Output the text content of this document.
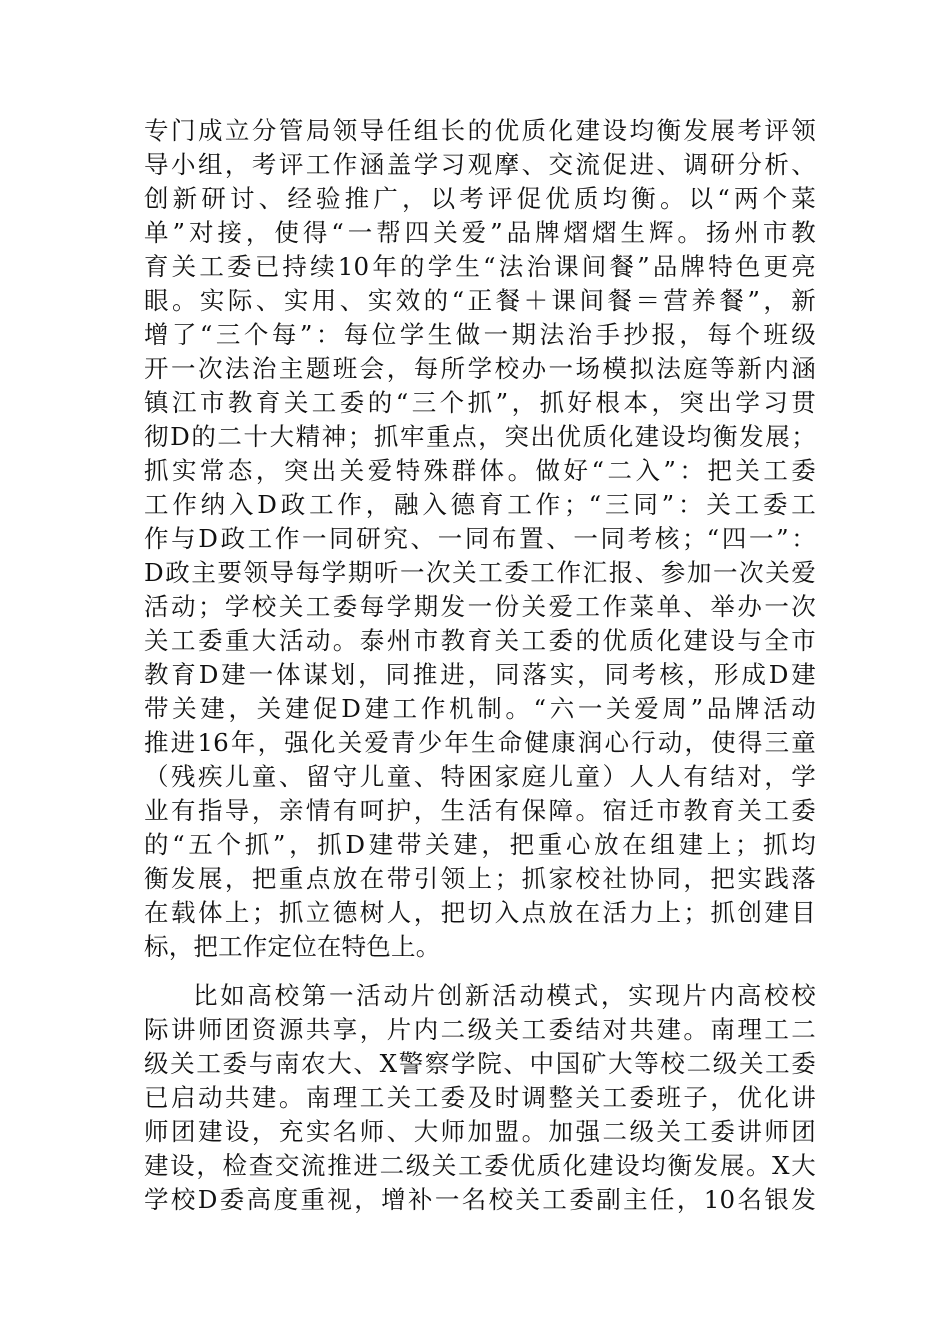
专门成立分管局领导任组长的优质化建设均衡发展考评领
导小组，考评工作涵盖学习观摩、交流促进、调研分析、
创新研讨、经验推广，以考评促优质均衡。以“两个菜
单”对接，使得“一帮四关爱”品牌熠熠生辉。扬州市教
育关工委已持续10年的学生“法治课间餐”品牌特色更亮
眼。实际、实用、实效的“正餐＋课间餐＝营养餐”，新
增了“三个每”：每位学生做一期法治手抄报，每个班级
开一次法治主题班会，每所学校办一场模拟法庭等新内涵
镇江市教育关工委的“三个抓”，抓好根本，突出学习贯
彻D的二十大精神；抓牢重点，突出优质化建设均衡发展；
抓实常态，突出关爱特殊群体。做好“二入”：把关工委
工作纳入D政工作，融入德育工作；“三同”：关工委工
作与D政工作一同研究、一同布置、一同考核；“四一”：
D政主要领导每学期听一次关工委工作汇报、参加一次关爱
活动；学校关工委每学期发一份关爱工作菜单、举办一次
关工委重大活动。泰州市教育关工委的优质化建设与全市
教育D建一体谋划，同推进，同落实，同考核，形成D建
带关建，关建促D建工作机制。“六一关爱周”品牌活动
推进16年，强化关爱青少年生命健康润心行动，使得三童
（残疾儿童、留守儿童、特困家庭儿童）人人有结对，学
业有指导，亲情有呵护，生活有保障。宿迁市教育关工委
的“五个抓”，抓D建带关建，把重心放在组建上；抓均
衡发展，把重点放在带引领上；抓家校社协同，把实践落
在载体上；抓立德树人，把切入点放在活力上；抓创建目
标，把工作定位在特色上。
比如高校第一活动片创新活动模式，实现片内高校校
际讲师团资源共享，片内二级关工委结对共建。南理工二
级关工委与南农大、X警察学院、中国矿大等校二级关工委
已启动共建。南理工关工委及时调整关工委班子，优化讲
师团建设，充实名师、大师加盟。加强二级关工委讲师团
建设，检查交流推进二级关工委优质化建设均衡发展。X大
学校D委高度重视，增补一名校关工委副主任，10名银发
